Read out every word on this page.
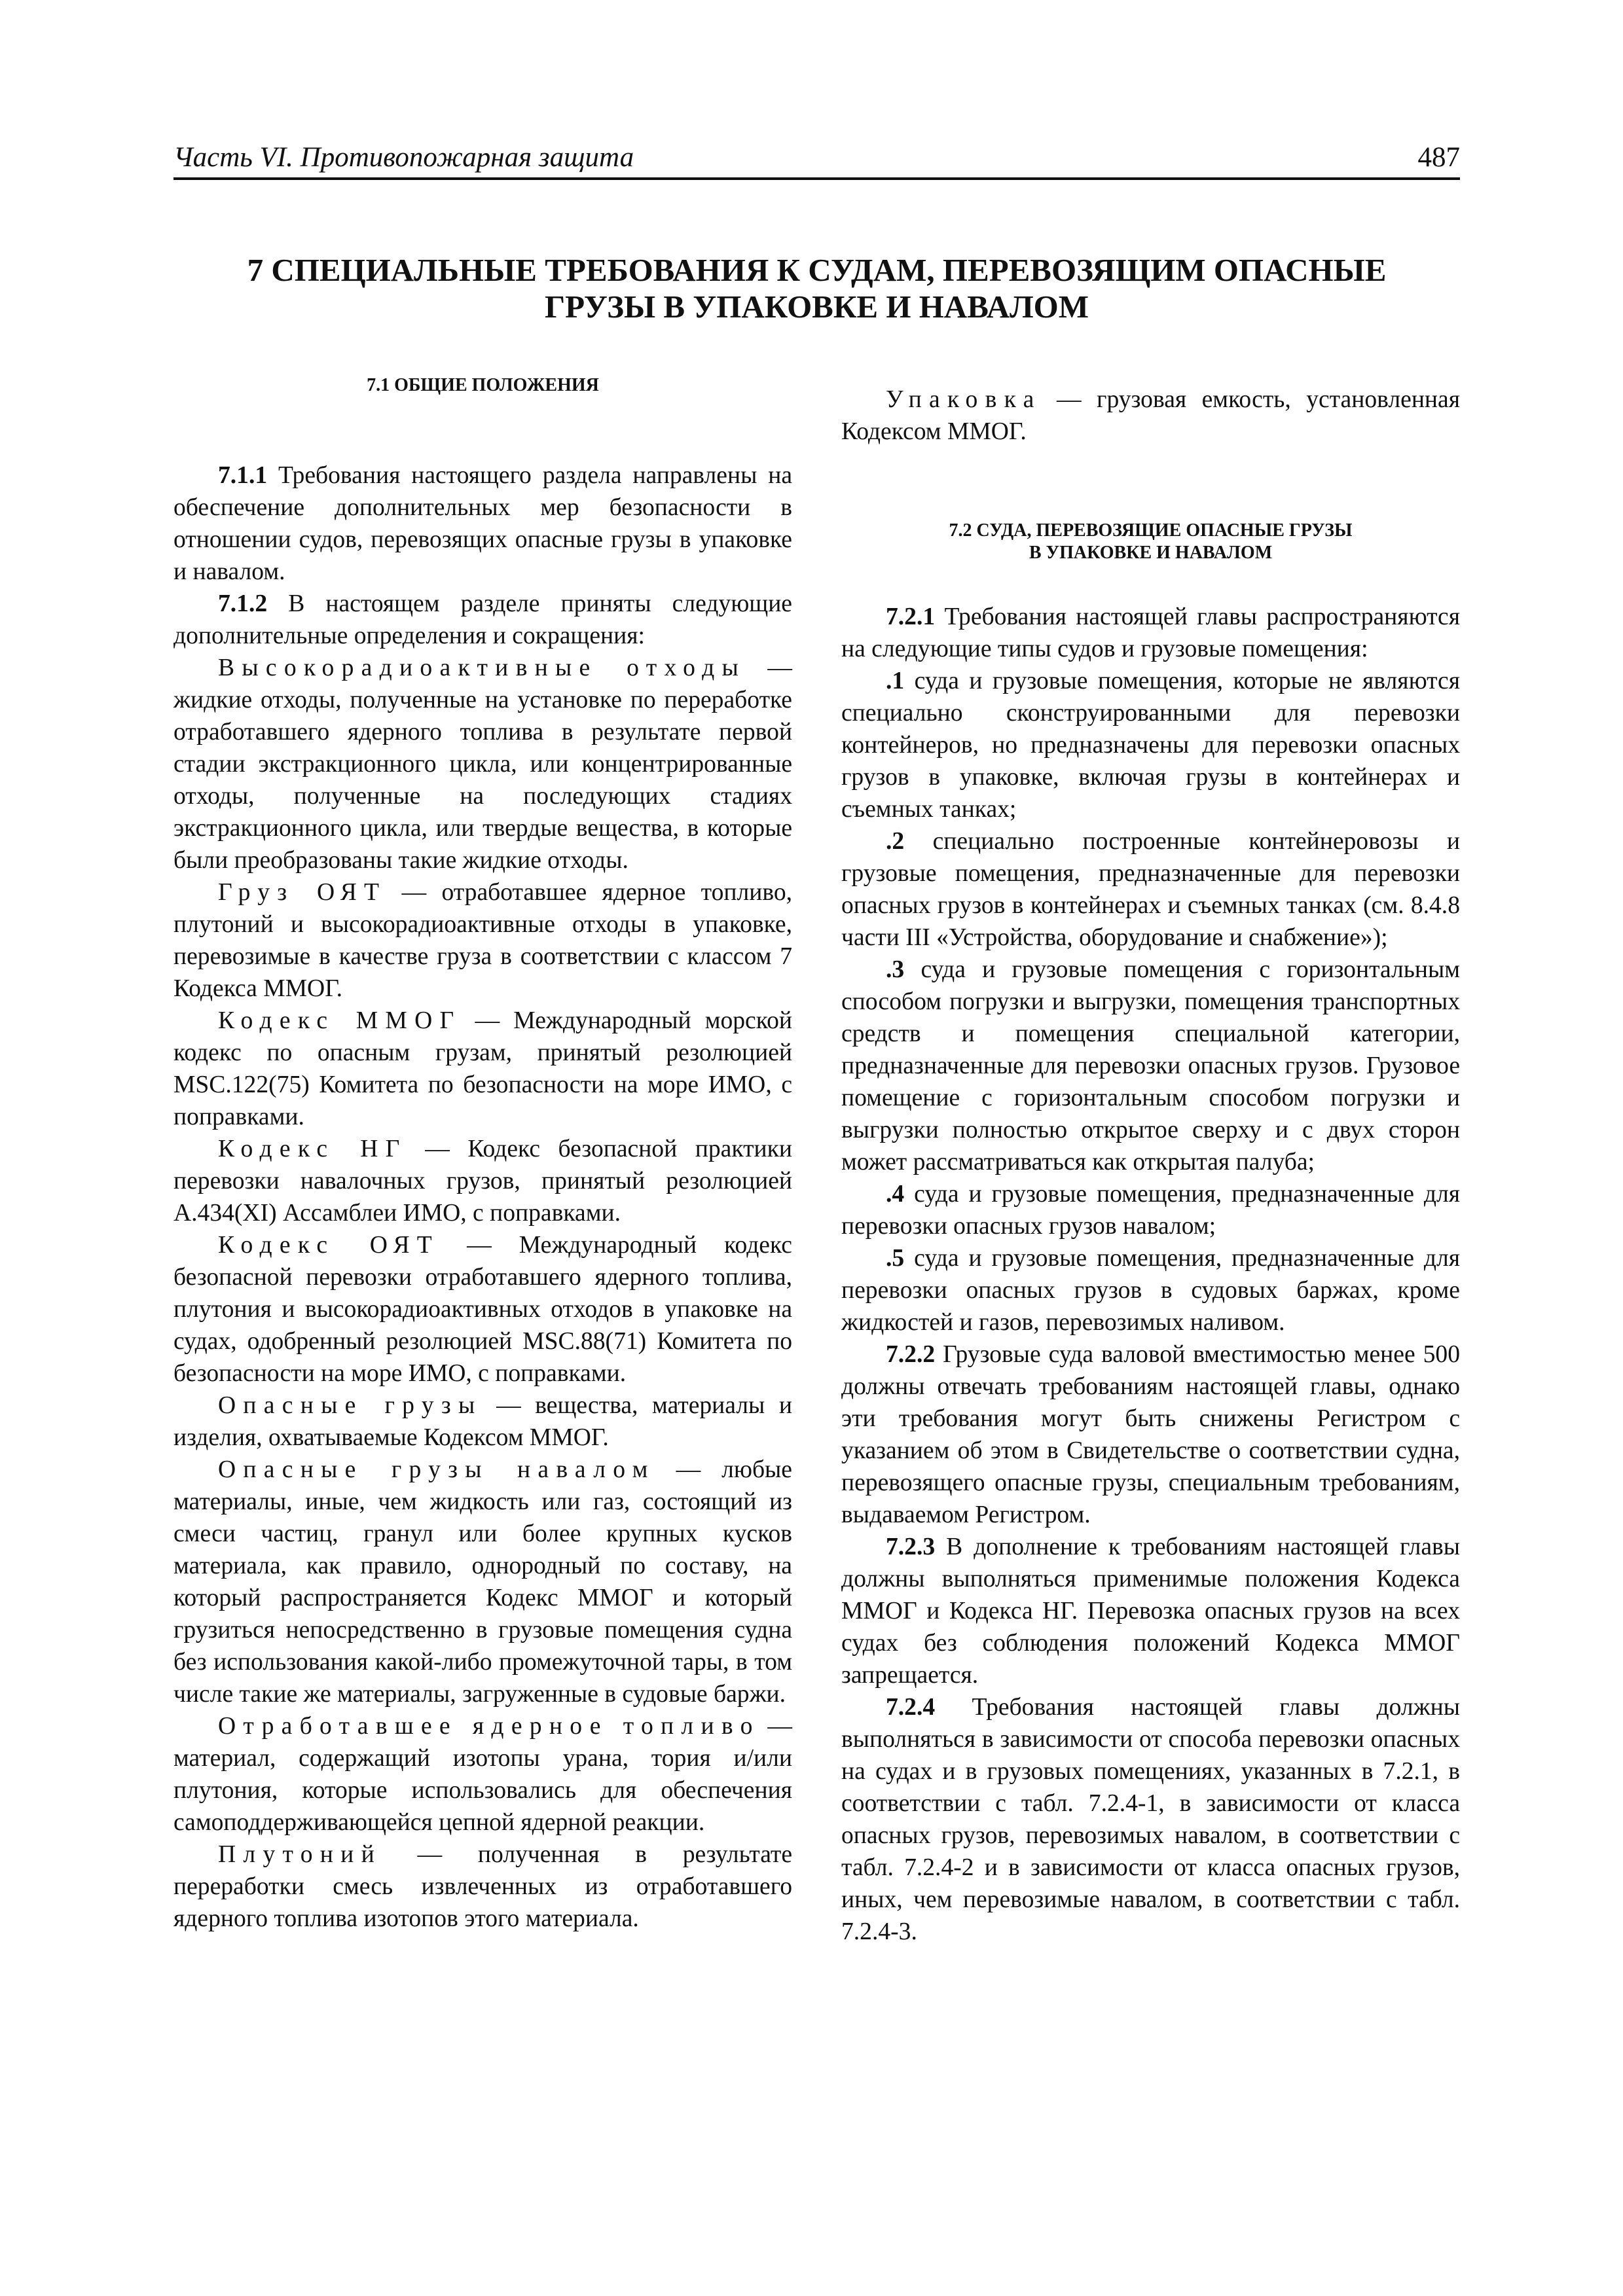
Часть VI. Противопожарная защита	487
7 СПЕЦИАЛЬНЫЕ ТРЕБОВАНИЯ К СУДАМ, ПЕРЕВОЗЯЩИМ ОПАСНЫЕ
ГРУЗЫ В УПАКОВКЕ И НАВАЛОМ
7.1 ОБЩИЕ ПОЛОЖЕНИЯ

7.1.1 Требования настоящего раздела направлены на обеспечение дополнительных мер безопасности в отношении судов, перевозящих опасные грузы в упаковке и навалом.

7.1.2 В настоящем разделе приняты следующие дополнительные определения и сокращения:

Высокорадиоактивные отходы — жидкие отходы, полученные на установке по переработке отработавшего ядерного топлива в результате первой стадии экстракционного цикла, или концентрированные отходы, полученные на последующих стадиях экстракционного цикла, или твердые вещества, в которые были преобразованы такие жидкие отходы.

Груз ОЯТ — отработавшее ядерное топливо, плутоний и высокорадиоактивные отходы в упаковке, перевозимые в качестве груза в соответствии с классом 7 Кодекса ММОГ.

Кодекс ММОГ — Международный морской кодекс по опасным грузам, принятый резолюцией MSC.122(75) Комитета по безопасности на море ИМО, с поправками.

Кодекс НГ — Кодекс безопасной практики перевозки навалочных грузов, принятый резолюцией А.434(XI) Ассамблеи ИМО, с поправками.

Кодекс ОЯТ — Международный кодекс безопасной перевозки отработавшего ядерного топлива, плутония и высокорадиоактивных отходов в упаковке на судах, одобренный резолюцией MSC.88(71) Комитета по безопасности на море ИМО, с поправками.

Опасные грузы — вещества, материалы и изделия, охватываемые Кодексом ММОГ.

Опасные грузы навалом — любые материалы, иные, чем жидкость или газ, состоящий из смеси частиц, гранул или более крупных кусков материала, как правило, однородный по составу, на который распространяется Кодекс ММОГ и который грузиться непосредственно в грузовые помещения судна без использования какой-либо промежуточной тары, в том числе такие же материалы, загруженные в судовые баржи.

Отработавшее ядерное топливо — материал, содержащий изотопы урана, тория и/или плутония, которые использовались для обеспечения самоподдерживающейся цепной ядерной реакции.

Плутоний — полученная в результате переработки смесь извлеченных из отработавшего ядерного топлива изотопов этого материала.

Упаковка — грузовая емкость, установленная Кодексом ММОГ.

7.2 СУДА, ПЕРЕВОЗЯЩИЕ ОПАСНЫЕ ГРУЗЫ
В УПАКОВКЕ И НАВАЛОМ

7.2.1 Требования настоящей главы распространяются на следующие типы судов и грузовые помещения:

.1 суда и грузовые помещения, которые не являются специально сконструированными для перевозки контейнеров, но предназначены для перевозки опасных грузов в упаковке, включая грузы в контейнерах и съемных танках;

.2 специально построенные контейнеровозы и грузовые помещения, предназначенные для перевозки опасных грузов в контейнерах и съемных танках (см. 8.4.8 части III «Устройства, оборудование и снабжение»);

.3 суда и грузовые помещения с горизонтальным способом погрузки и выгрузки, помещения транспортных средств и помещения специальной категории, предназначенные для перевозки опасных грузов. Грузовое помещение с горизонтальным способом погрузки и выгрузки полностью открытое сверху и с двух сторон может рассматриваться как открытая палуба;

.4 суда и грузовые помещения, предназначенные для перевозки опасных грузов навалом;

.5 суда и грузовые помещения, предназначенные для перевозки опасных грузов в судовых баржах, кроме жидкостей и газов, перевозимых наливом.

7.2.2 Грузовые суда валовой вместимостью менее 500 должны отвечать требованиям настоящей главы, однако эти требования могут быть снижены Регистром с указанием об этом в Свидетельстве о соответствии судна, перевозящего опасные грузы, специальным требованиям, выдаваемом Регистром.

7.2.3 В дополнение к требованиям настоящей главы должны выполняться применимые положения Кодекса ММОГ и Кодекса НГ. Перевозка опасных грузов на всех судах без соблюдения положений Кодекса ММОГ запрещается.

7.2.4 Требования настоящей главы должны выполняться в зависимости от способа перевозки опасных на судах и в грузовых помещениях, указанных в 7.2.1, в соответствии с табл. 7.2.4-1, в зависимости от класса опасных грузов, перевозимых навалом, в соответствии с табл. 7.2.4-2 и в зависимости от класса опасных грузов, иных, чем перевозимые навалом, в соответствии с табл. 7.2.4-3.
